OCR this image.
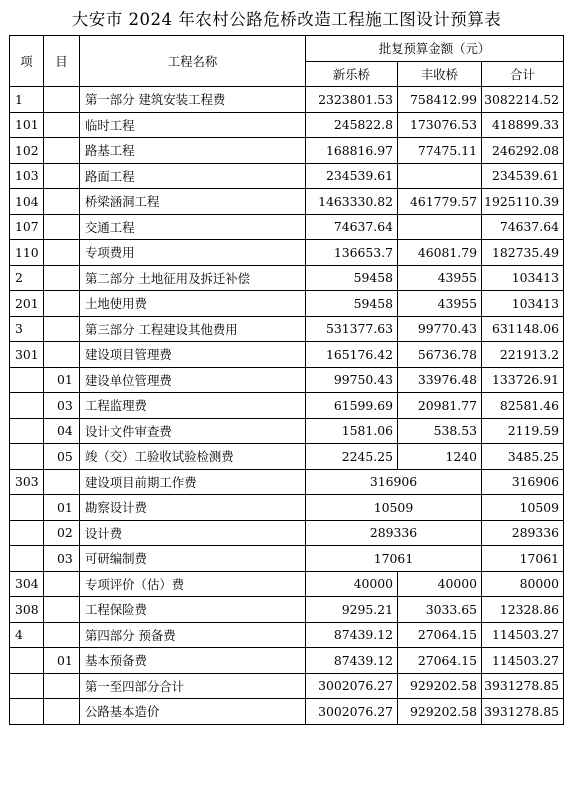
大安市 2024 年农村公路危桥改造工程施工图设计预算表
项	目	工程名称	批复预算金额（元）		
			新乐桥	丰收桥	合计
1		第一部分 建筑安装工程费	2323801.53	758412.99	3082214.52
101		临时工程	245822.8	173076.53	418899.33
102		路基工程	168816.97	77475.11	246292.08
103		路面工程	234539.61		234539.61
104		桥梁涵洞工程	1463330.82	461779.57	1925110.39
107		交通工程	74637.64		74637.64
110		专项费用	136653.7	46081.79	182735.49
2		第二部分 土地征用及拆迁补偿	59458	43955	103413
201		土地使用费	59458	43955	103413
3		第三部分 工程建设其他费用	531377.63	99770.43	631148.06
301		建设项目管理费	165176.42	56736.78	221913.2
	01	建设单位管理费	99750.43	33976.48	133726.91
	03	工程监理费	61599.69	20981.77	82581.46
	04	设计文件审查费	1581.06	538.53	2119.59
	05	竣（交）工验收试验检测费	2245.25	1240	3485.25
303		建设项目前期工作费	316906		316906
	01	勘察设计费	10509		10509
	02	设计费	289336		289336
	03	可研编制费	17061		17061
304		专项评价（估）费	40000	40000	80000
308		工程保险费	9295.21	3033.65	12328.86
4		第四部分 预备费	87439.12	27064.15	114503.27
	01	基本预备费	87439.12	27064.15	114503.27
		第一至四部分合计	3002076.27	929202.58	3931278.85
		公路基本造价	3002076.27	929202.58	3931278.85
